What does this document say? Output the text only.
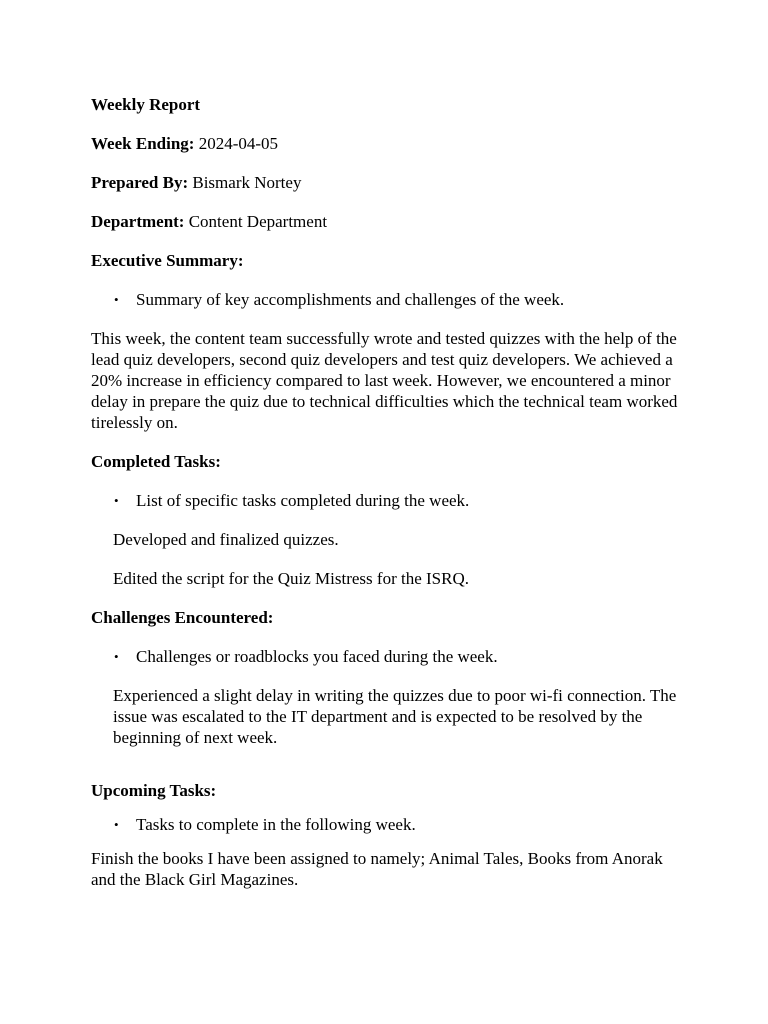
Weekly Report

Week Ending: 2024-04-05

Prepared By: Bismark Nortey

Department: Content Department

Executive Summary:

• Summary of key accomplishments and challenges of the week.

This week, the content team successfully wrote and tested quizzes with the help of the lead quiz developers, second quiz developers and test quiz developers. We achieved a 20% increase in efficiency compared to last week. However, we encountered a minor delay in prepare the quiz due to technical difficulties which the technical team worked tirelessly on.

Completed Tasks:

• List of specific tasks completed during the week.

Developed and finalized quizzes.

Edited the script for the Quiz Mistress for the ISRQ.

Challenges Encountered:

• Challenges or roadblocks you faced during the week.

Experienced a slight delay in writing the quizzes due to poor wi-fi connection. The issue was escalated to the IT department and is expected to be resolved by the beginning of next week.

Upcoming Tasks:

• Tasks to complete in the following week.

Finish the books I have been assigned to namely; Animal Tales, Books from Anorak and the Black Girl Magazines.
